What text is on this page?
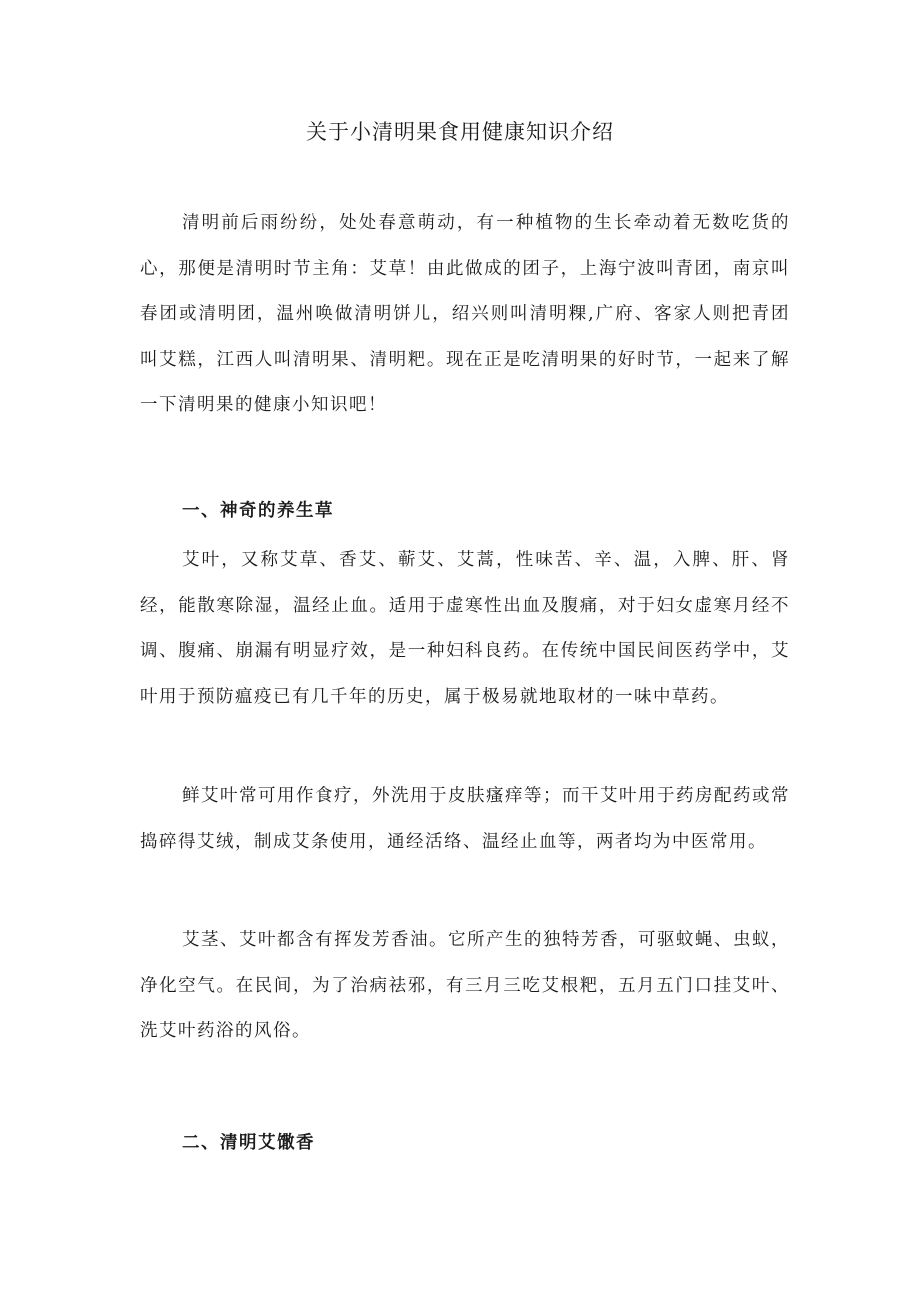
关于小清明果食用健康知识介绍

清明前后雨纷纷，处处春意萌动，有一种植物的生长牵动着无数吃货的心，那便是清明时节主角：艾草！由此做成的团子，上海宁波叫青团，南京叫春团或清明团，温州唤做清明饼儿，绍兴则叫清明粿,广府、客家人则把青团叫艾糕，江西人叫清明果、清明粑。现在正是吃清明果的好时节，一起来了解一下清明果的健康小知识吧！

一、神奇的养生草

艾叶，又称艾草、香艾、蕲艾、艾蒿，性味苦、辛、温，入脾、肝、肾经，能散寒除湿，温经止血。适用于虚寒性出血及腹痛，对于妇女虚寒月经不调、腹痛、崩漏有明显疗效，是一种妇科良药。在传统中国民间医药学中，艾叶用于预防瘟疫已有几千年的历史，属于极易就地取材的一味中草药。

鲜艾叶常可用作食疗，外洗用于皮肤瘙痒等；而干艾叶用于药房配药或常捣碎得艾绒，制成艾条使用，通经活络、温经止血等，两者均为中医常用。

艾茎、艾叶都含有挥发芳香油。它所产生的独特芳香，可驱蚊蝇、虫蚁，净化空气。在民间，为了治病祛邪，有三月三吃艾根粑，五月五门口挂艾叶、洗艾叶药浴的风俗。

二、清明艾馓香
